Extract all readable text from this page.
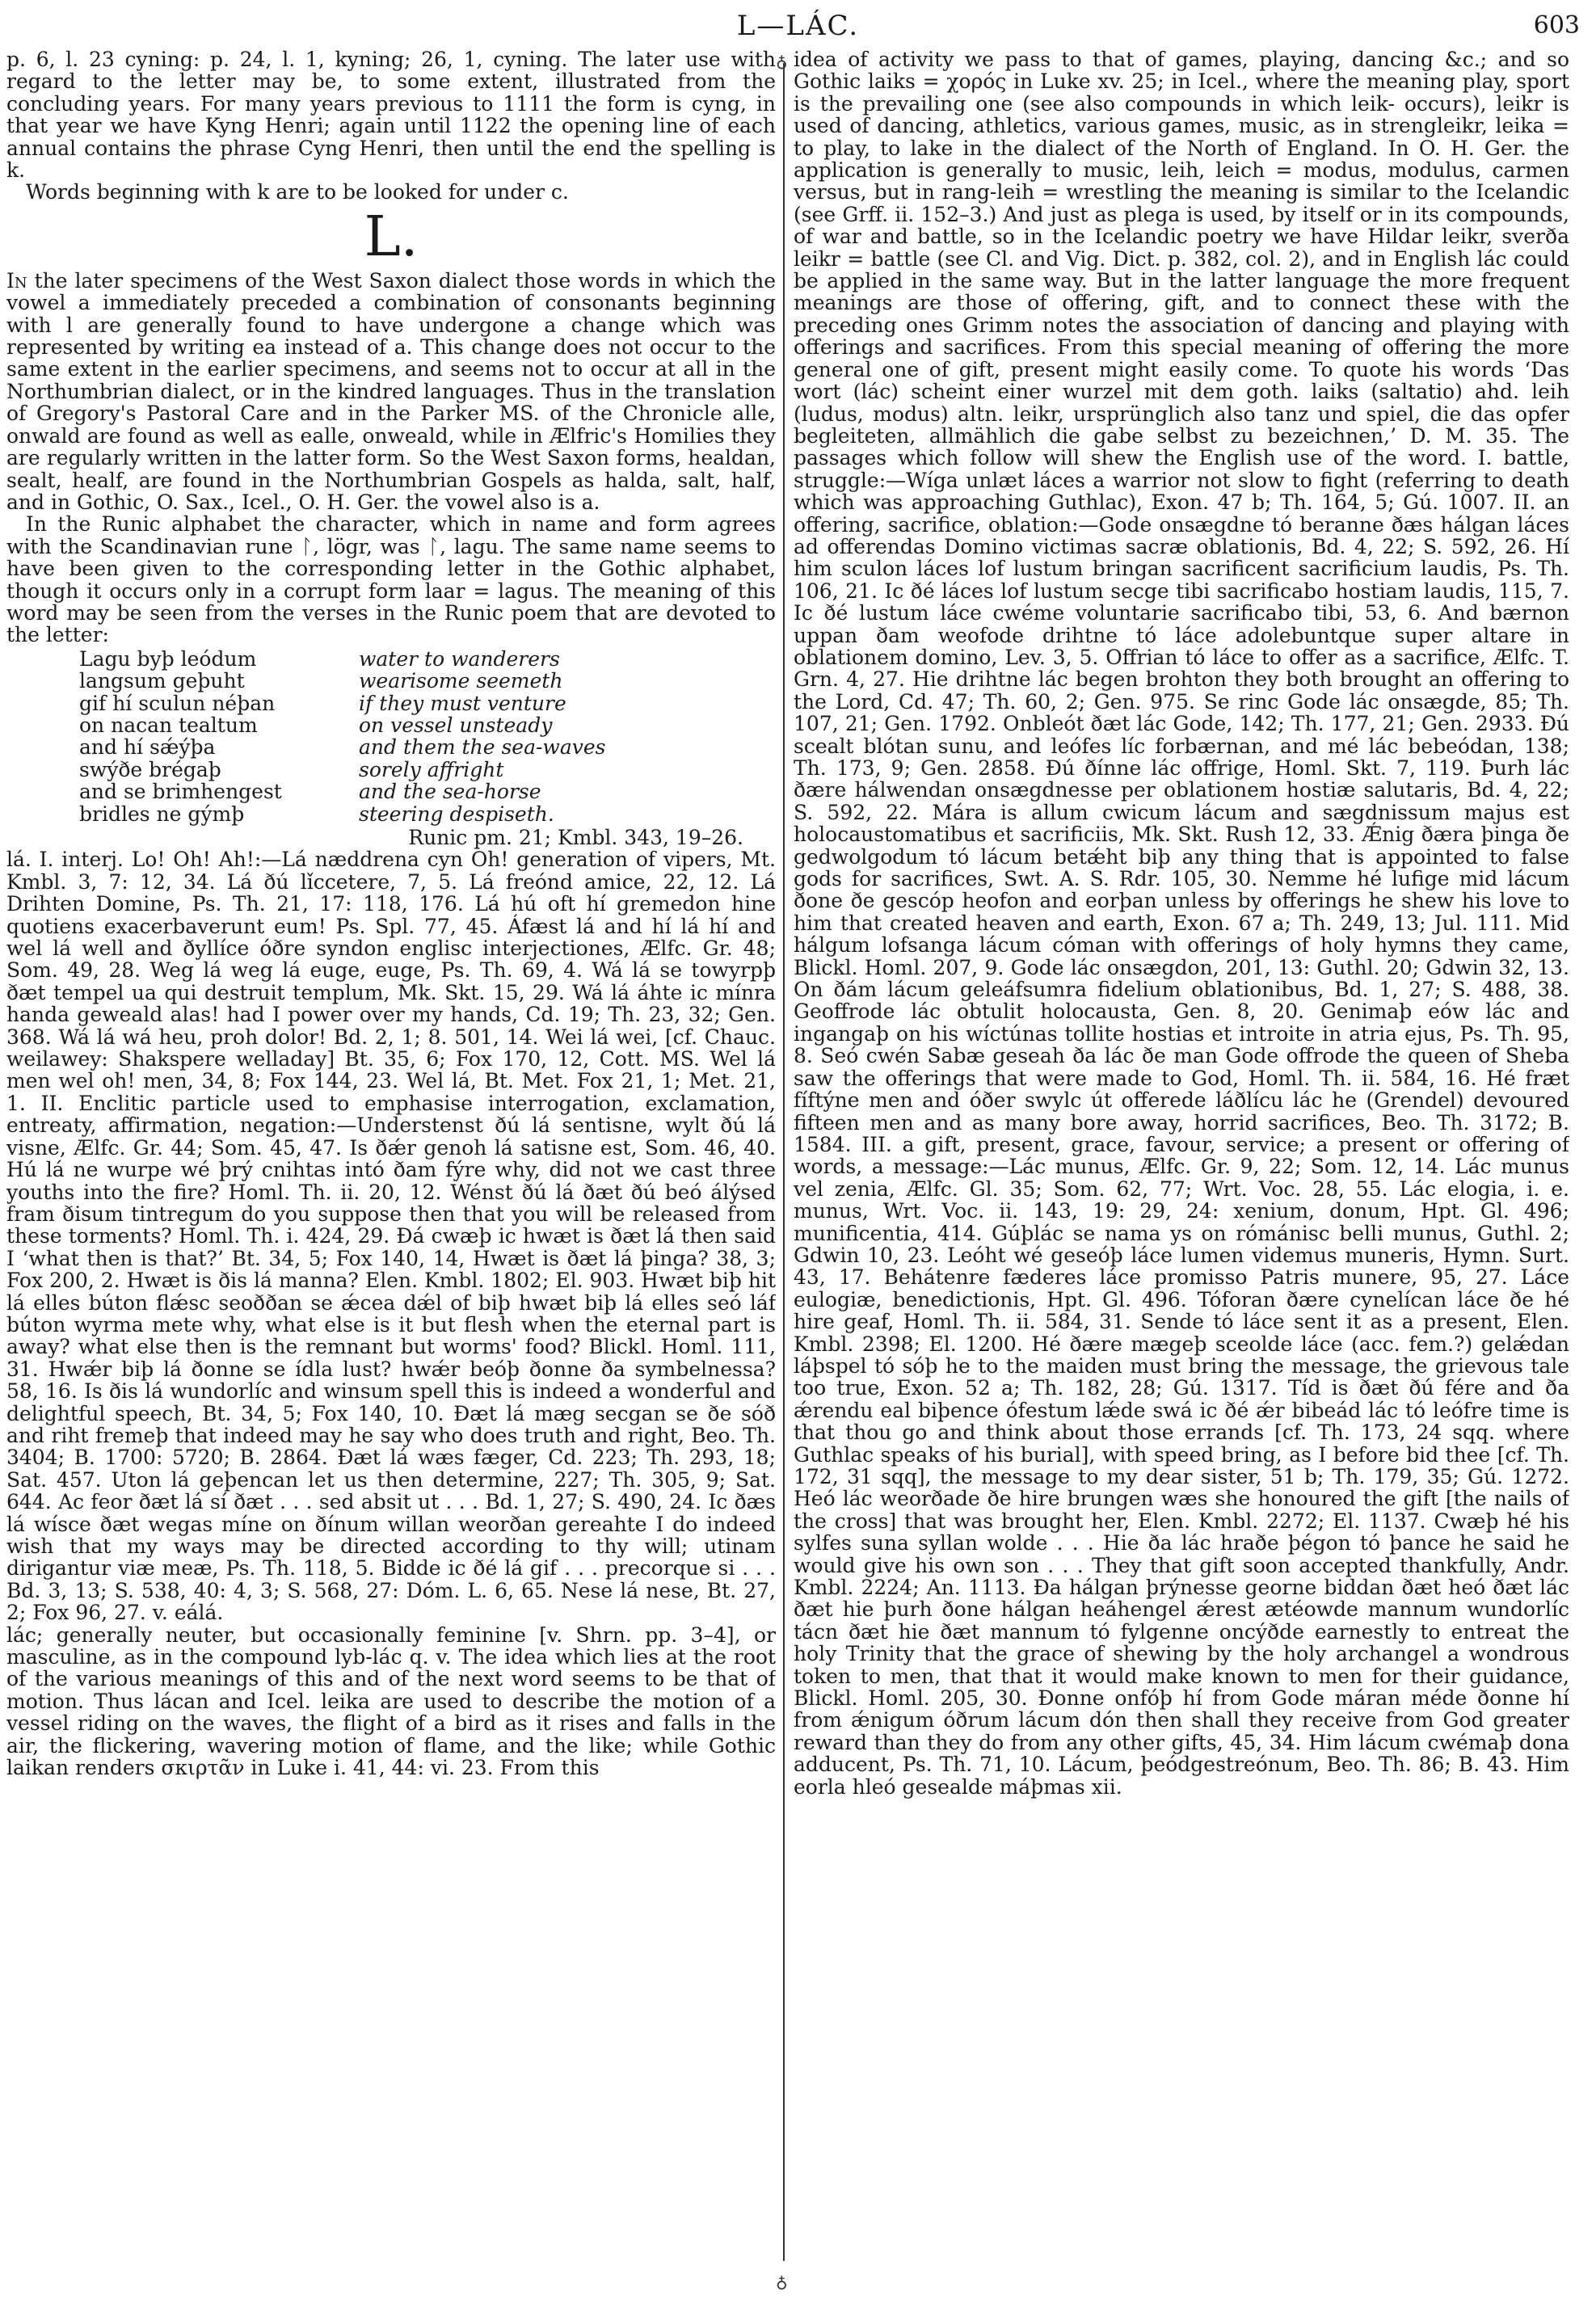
L—LÁC.	603
♁
♁

p. 6, l. 23 cyning: p. 24, l. 1, kyning; 26, 1, cyning. The later use with regard to the letter may be, to some extent, illustrated from the concluding years. For many years previous to 1111 the form is cyng, in that year we have Kyng Henri; again until 1122 the opening line of each annual contains the phrase Cyng Henri, then until the end the spelling is k.

Words beginning with k are to be looked for under c.

L.

In the later specimens of the West Saxon dialect those words in which the vowel a immediately preceded a combination of consonants beginning with l are generally found to have undergone a change which was represented by writing ea instead of a. This change does not occur to the same extent in the earlier specimens, and seems not to occur at all in the Northumbrian dialect, or in the kindred languages. Thus in the translation of Gregory's Pastoral Care and in the Parker MS. of the Chronicle alle, onwald are found as well as ealle, onweald, while in Ælfric's Homilies they are regularly written in the latter form. So the West Saxon forms, healdan, sealt, healf, are found in the Northumbrian Gospels as halda, salt, half, and in Gothic, O. Sax., Icel., O. H. Ger. the vowel also is a.

In the Runic alphabet the character, which in name and form agrees with the Scandinavian rune ᛚ, lögr, was ᛚ, lagu. The same name seems to have been given to the corresponding letter in the Gothic alphabet, though it occurs only in a corrupt form laar = lagus. The meaning of this word may be seen from the verses in the Runic poem that are devoted to the letter:

Lagu byþ leódum	water to wanderers
langsum geþuht	wearisome seemeth
gif hí sculun néþan	if they must venture
on nacan tealtum	on vessel unsteady
and hí sǽýþa	and them the sea-waves
swýðe brégaþ	sorely affright
and se brimhengest	and the sea-horse
bridles ne gýmþ	steering despiseth.

Runic pm. 21; Kmbl. 343, 19–26.

lá. I. interj. Lo! Oh! Ah!:—Lá næddrena cyn Oh! generation of vipers, Mt. Kmbl. 3, 7: 12, 34. Lá ðú lǐccetere, 7, 5. Lá freónd amice, 22, 12. Lá Drihten Domine, Ps. Th. 21, 17: 118, 176. Lá hú oft hí gremedon hine quotiens exacerbaverunt eum! Ps. Spl. 77, 45. Áfæst lá and hí lá hí and wel lá well and ðyllíce óðre syndon englisc interjectiones, Ælfc. Gr. 48; Som. 49, 28. Weg lá weg lá euge, euge, Ps. Th. 69, 4. Wá lá se towyrpþ ðæt tempel ua qui destruit templum, Mk. Skt. 15, 29. Wá lá áhte ic mínra handa geweald alas! had I power over my hands, Cd. 19; Th. 23, 32; Gen. 368. Wá lá wá heu, proh dolor! Bd. 2, 1; 8. 501, 14. Wei lá wei, [cf. Chauc. weilawey: Shakspere welladay] Bt. 35, 6; Fox 170, 12, Cott. MS. Wel lá men wel oh! men, 34, 8; Fox 144, 23. Wel lá, Bt. Met. Fox 21, 1; Met. 21, 1. II. Enclitic particle used to emphasise interrogation, exclamation, entreaty, affirmation, negation:—Understenst ðú lá sentisne, wylt ðú lá visne, Ælfc. Gr. 44; Som. 45, 47. Is ðǽr genoh lá satisne est, Som. 46, 40. Hú lá ne wurpe wé þrý cnihtas intó ðam fýre why, did not we cast three youths into the fire? Homl. Th. ii. 20, 12. Wénst ðú lá ðæt ðú beó álýsed fram ðisum tintregum do you suppose then that you will be released from these torments? Homl. Th. i. 424, 29. Ðá cwæþ ic hwæt is ðæt lá then said I ‘what then is that?’ Bt. 34, 5; Fox 140, 14, Hwæt is ðæt lá þinga? 38, 3; Fox 200, 2. Hwæt is ðis lá manna? Elen. Kmbl. 1802; El. 903. Hwæt biþ hit lá elles búton flǽsc seoððan se ǽcea dǽl of biþ hwæt biþ lá elles seó láf búton wyrma mete why, what else is it but flesh when the eternal part is away? what else then is the remnant but worms' food? Blickl. Homl. 111, 31. Hwǽr biþ lá ðonne se ídla lust? hwǽr beóþ ðonne ða symbelnessa? 58, 16. Is ðis lá wundorlíc and winsum spell this is indeed a wonderful and delightful speech, Bt. 34, 5; Fox 140, 10. Ðæt lá mæg secgan se ðe sóð and riht fremeþ that indeed may he say who does truth and right, Beo. Th. 3404; B. 1700: 5720; B. 2864. Ðæt lá wæs fæger, Cd. 223; Th. 293, 18; Sat. 457. Uton lá geþencan let us then determine, 227; Th. 305, 9; Sat. 644. Ac feor ðæt lá sí ðæt . . . sed absit ut . . . Bd. 1, 27; S. 490, 24. Ic ðæs lá wísce ðæt wegas míne on ðínum willan weorðan gereahte I do indeed wish that my ways may be directed according to thy will; utinam dirigantur viæ meæ, Ps. Th. 118, 5. Bidde ic ðé lá gif . . . precorque si . . . Bd. 3, 13; S. 538, 40: 4, 3; S. 568, 27: Dóm. L. 6, 65. Nese lá nese, Bt. 27, 2; Fox 96, 27. v. eálá.

lác; generally neuter, but occasionally feminine [v. Shrn. pp. 3–4], or masculine, as in the compound lyb-lác q. v. The idea which lies at the root of the various meanings of this and of the next word seems to be that of motion. Thus lácan and Icel. leika are used to describe the motion of a vessel riding on the waves, the flight of a bird as it rises and falls in the air, the flickering, wavering motion of flame, and the like; while Gothic laikan renders σκιρτᾶν in Luke i. 41, 44: vi. 23. From this

idea of activity we pass to that of games, playing, dancing &c.; and so Gothic laiks = χορός in Luke xv. 25; in Icel., where the meaning play, sport is the prevailing one (see also compounds in which leik- occurs), leikr is used of dancing, athletics, various games, music, as in strengleikr, leika = to play, to lake in the dialect of the North of England. In O. H. Ger. the application is generally to music, leih, leich = modus, modulus, carmen versus, but in rang-leih = wrestling the meaning is similar to the Icelandic (see Grff. ii. 152–3.) And just as plega is used, by itself or in its compounds, of war and battle, so in the Icelandic poetry we have Hildar leikr, sverða leikr = battle (see Cl. and Vig. Dict. p. 382, col. 2), and in English lác could be applied in the same way. But in the latter language the more frequent meanings are those of offering, gift, and to connect these with the preceding ones Grimm notes the association of dancing and playing with offerings and sacrifices. From this special meaning of offering the more general one of gift, present might easily come. To quote his words ‘Das wort (lác) scheint einer wurzel mit dem goth. laiks (saltatio) ahd. leih (ludus, modus) altn. leikr, ursprünglich also tanz und spiel, die das opfer begleiteten, allmählich die gabe selbst zu bezeichnen,’ D. M. 35. The passages which follow will shew the English use of the word. I. battle, struggle:—Wíga unlæt láces a warrior not slow to fight (referring to death which was approaching Guthlac), Exon. 47 b; Th. 164, 5; Gú. 1007. II. an offering, sacrifice, oblation:—Gode onsægdne tó beranne ðæs hálgan láces ad offerendas Domino victimas sacræ oblationis, Bd. 4, 22; S. 592, 26. Hí him sculon láces lof lustum bringan sacrificent sacrificium laudis, Ps. Th. 106, 21. Ic ðé láces lof lustum secge tibi sacrificabo hostiam laudis, 115, 7. Ic ðé lustum láce cwéme voluntarie sacrificabo tibi, 53, 6. And bærnon uppan ðam weofode drihtne tó láce adolebuntque super altare in oblationem domino, Lev. 3, 5. Offrian tó láce to offer as a sacrifice, Ælfc. T. Grn. 4, 27. Hie drihtne lác begen brohton they both brought an offering to the Lord, Cd. 47; Th. 60, 2; Gen. 975. Se rinc Gode lác onsægde, 85; Th. 107, 21; Gen. 1792. Onbleót ðæt lác Gode, 142; Th. 177, 21; Gen. 2933. Ðú scealt blótan sunu, and leófes líc forbærnan, and mé lác bebeódan, 138; Th. 173, 9; Gen. 2858. Ðú ðínne lác offrige, Homl. Skt. 7, 119. Þurh lác ðære hálwendan onsægdnesse per oblationem hostiæ salutaris, Bd. 4, 22; S. 592, 22. Mára is allum cwicum lácum and sægdnissum majus est holocaustomatibus et sacrificiis, Mk. Skt. Rush 12, 33. Ǽnig ðæra þinga ðe gedwolgodum tó lácum betǽht biþ any thing that is appointed to false gods for sacrifices, Swt. A. S. Rdr. 105, 30. Nemme hé lufige mid lácum ðone ðe gescóp heofon and eorþan unless by offerings he shew his love to him that created heaven and earth, Exon. 67 a; Th. 249, 13; Jul. 111. Mid hálgum lofsanga lácum cóman with offerings of holy hymns they came, Blickl. Homl. 207, 9. Gode lác onsægdon, 201, 13: Guthl. 20; Gdwin 32, 13. On ðám lácum geleáfsumra fidelium oblationibus, Bd. 1, 27; S. 488, 38. Geoffrode lác obtulit holocausta, Gen. 8, 20. Genimaþ eów lác and ingangaþ on his wíctúnas tollite hostias et introite in atria ejus, Ps. Th. 95, 8. Seó cwén Sabæ geseah ða lác ðe man Gode offrode the queen of Sheba saw the offerings that were made to God, Homl. Th. ii. 584, 16. Hé fræt fíftýne men and óðer swylc út offerede láðlícu lác he (Grendel) devoured fifteen men and as many bore away, horrid sacrifices, Beo. Th. 3172; B. 1584. III. a gift, present, grace, favour, service; a present or offering of words, a message:—Lác munus, Ælfc. Gr. 9, 22; Som. 12, 14. Lác munus vel zenia, Ælfc. Gl. 35; Som. 62, 77; Wrt. Voc. 28, 55. Lác elogia, i. e. munus, Wrt. Voc. ii. 143, 19: 29, 24: xenium, donum, Hpt. Gl. 496; munificentia, 414. Gúþlác se nama ys on rómánisc belli munus, Guthl. 2; Gdwin 10, 23. Leóht wé geseóþ láce lumen videmus muneris, Hymn. Surt. 43, 17. Behátenre fæderes láce promisso Patris munere, 95, 27. Láce eulogiæ, benedictionis, Hpt. Gl. 496. Tóforan ðære cynelícan láce ðe hé hire geaf, Homl. Th. ii. 584, 31. Sende tó láce sent it as a present, Elen. Kmbl. 2398; El. 1200. Hé ðære mægeþ sceolde láce (acc. fem.?) gelǽdan láþspel tó sóþ he to the maiden must bring the message, the grievous tale too true, Exon. 52 a; Th. 182, 28; Gú. 1317. Tíd is ðæt ðú fére and ða ǽrendu eal biþence ófestum lǽde swá ic ðé ǽr bibeád lác tó leófre time is that thou go and think about those errands [cf. Th. 173, 24 sqq. where Guthlac speaks of his burial], with speed bring, as I before bid thee [cf. Th. 172, 31 sqq], the message to my dear sister, 51 b; Th. 179, 35; Gú. 1272. Heó lác weorðade ðe hire brungen wæs she honoured the gift [the nails of the cross] that was brought her, Elen. Kmbl. 2272; El. 1137. Cwæþ hé his sylfes suna syllan wolde . . . Hie ða lác hraðe þégon tó þance he said he would give his own son . . . They that gift soon accepted thankfully, Andr. Kmbl. 2224; An. 1113. Ða hálgan þrýnesse georne biddan ðæt heó ðæt lác ðæt hie þurh ðone hálgan heáhengel ǽrest ætéowde mannum wundorlíc tácn ðæt hie ðæt mannum tó fylgenne oncýðde earnestly to entreat the holy Trinity that the grace of shewing by the holy archangel a wondrous token to men, that that it would make known to men for their guidance, Blickl. Homl. 205, 30. Ðonne onfóþ hí from Gode máran méde ðonne hí from ǽnigum óðrum lácum dón then shall they receive from God greater reward than they do from any other gifts, 45, 34. Him lácum cwémaþ dona adducent, Ps. Th. 71, 10. Lácum, þeódgestreónum, Beo. Th. 86; B. 43. Him eorla hleó gesealde máþmas xii.
